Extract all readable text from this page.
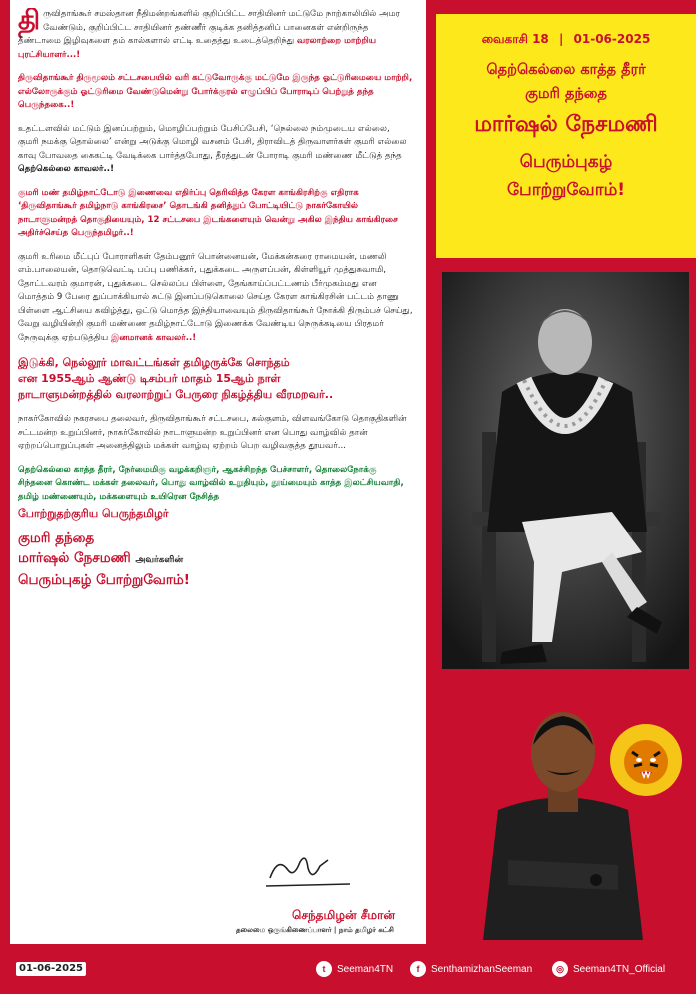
திருவிதாங்கூர் சமஸ்தான நீதிமன்றங்களில் குறிப்பிட்ட சாதியினர் மட்டுமே நாற்காலியில் அமர வேண்டும், குறிப்பிட்ட சாதியினர் தண்ணீர் குடிக்க தனித்தனிப் பானைகள் என்றிருந்த தீண்டாமை இழிவுகளை தம் கால்களால் எட்டி உதைத்து உடைத்தெறிந்து வரலாற்றை மாற்றிய புரட்சியாளர்...!

திருவிதாங்கூர் திருமூலம் சட்டசபையில் வரி கட்டுவோருக்கு மட்டுமே இருந்த ஓட்டுரிமையை மாற்றி, எல்லோருக்கும் ஓட்டுரிமை வேண்டுமென்று போர்க்குரல் எழுப்பிப் போராடிப் பெற்றுத் தந்த பெருந்தகை..!

உதட்டளவில் மட்டும் இனப்பற்றும், மொழிப்பற்றும் பேசிப்பேசி, ‘நெல்லை நம்முடைய எல்லை, குமரி நமக்கு தொல்லை’ என்று அடுக்கு மொழி வசனம் பேசி, திராவிடத் திருவாளர்கள் குமரி எல்லை காவு போவதை கைகட்டி வேடிக்கை பார்த்தபோது, தீரத்துடன் போராடி குமரி மண்ணை மீட்டுத் தந்த தெற்கெல்லை காவலர்..!

குமரி மண் தமிழ்நாட்டோடு இணைவை எதிர்ப்பு தெரிவித்த கேரள காங்கிரசிற்கு எதிராக ‘திருவிதாங்கூர் தமிழ்நாடு காங்கிரசை’ தொடங்கி தனித்துப் போட்டியிட்டு நாகர்கோயில் நாடாளுமன்றத் தொகுதியையும், 12 சட்டசபை இடங்களையும் வென்று அகில இந்திய காங்கிரசை அதிர்ச்செய்த பெருந்தமிழர்..!

குமரி உரிமை மீட்புப் போராளிகள் தேம்பனூர் பொன்னையன், மேக்கன்கரை ராமையன், மணலி எம்.பாலையன், தொடுவெட்டி பப்பு பணிக்கர், புதுக்கடை அருளப்பன், கிள்ளியூர் முத்துசுவாமி, தோட்டவரம் குமாரன், புதுக்கடை செல்லப்ப பிள்ளை, தேங்காய்ப்பட்டணம் பீர்முகம்மது என மொத்தம் 9 பேரை துப்பாக்கியால் சுட்டு இனப்படுகொலை செய்த கேரள காங்கிரசின் பட்டம் தாணு பிள்ளை ஆட்சியை கவிழ்த்து, ஒட்டு மொத்த இந்தியாவையும் திருவிதாங்கூர் நோக்கி திரும்பச் செய்து, வேறு வழியின்றி குமரி மண்ணை தமிழ்நாட்டோடு இணைக்க வேண்டிய நெருக்கடியை பிரதமர் நேருவுக்கு ஏற்படுத்திய இனமானக் காவலர்..!

இடுக்கி, நெல்லூர் மாவட்டங்கள் தமிழருக்கே சொந்தம்
என 1955ஆம் ஆண்டு டிசம்பர் மாதம் 15ஆம் நாள்
நாடாளுமன்றத்தில் வரலாற்றுப் பேருரை நிகழ்த்திய வீரமறவர்..

நாகர்கோவில் நகரசபை தலைவர், திருவிதாங்கூர் சட்டசபை, கல்குளம், விளவங்கோடு தொகுதிகளின் சட்டமன்ற உறுப்பினர், நாகர்கோவில் நாடாளுமன்ற உறுப்பினர் என பொது வாழ்வில் தான் ஏற்றப்பொறுப்புகள் அனைத்திலும் மக்கள் வாழ்வு ஏற்றம் பெற வழிவகுத்த தூயவர்...

தெற்கெல்லை காத்த தீரர், நேர்மைமிகு வழக்கறிஞர், ஆகச்சிறந்த பேச்சாளர், தொலைநோக்கு சிந்தனை கொண்ட மக்கள் தலைவர், பொது வாழ்வில் உறுதியும், தூய்மையும் காத்த இலட்சியவாதி, தமிழ் மண்ணையும், மக்களையும் உயிரென நேசித்த

போற்றுதற்குரிய பெருந்தமிழர்
குமரி தந்தை
மார்ஷல் நேசமணி அவர்களின்
பெரும்புகழ் போற்றுவோம்!
வைகாசி 18 | 01-06-2025
தெற்கெல்லை காத்த தீரர்
குமரி தந்தை
மார்ஷல் நேசமணி
பெரும்புகழ்
போற்றுவோம்!
செந்தமிழன் சீமான்
தலைமை ஒருங்கிணைப்பாளர் | நாம் தமிழர் கட்சி
01-06-2025	t	Seeman4TN	f	SenthamizhanSeeman	◎ Seeman4TN_Official
